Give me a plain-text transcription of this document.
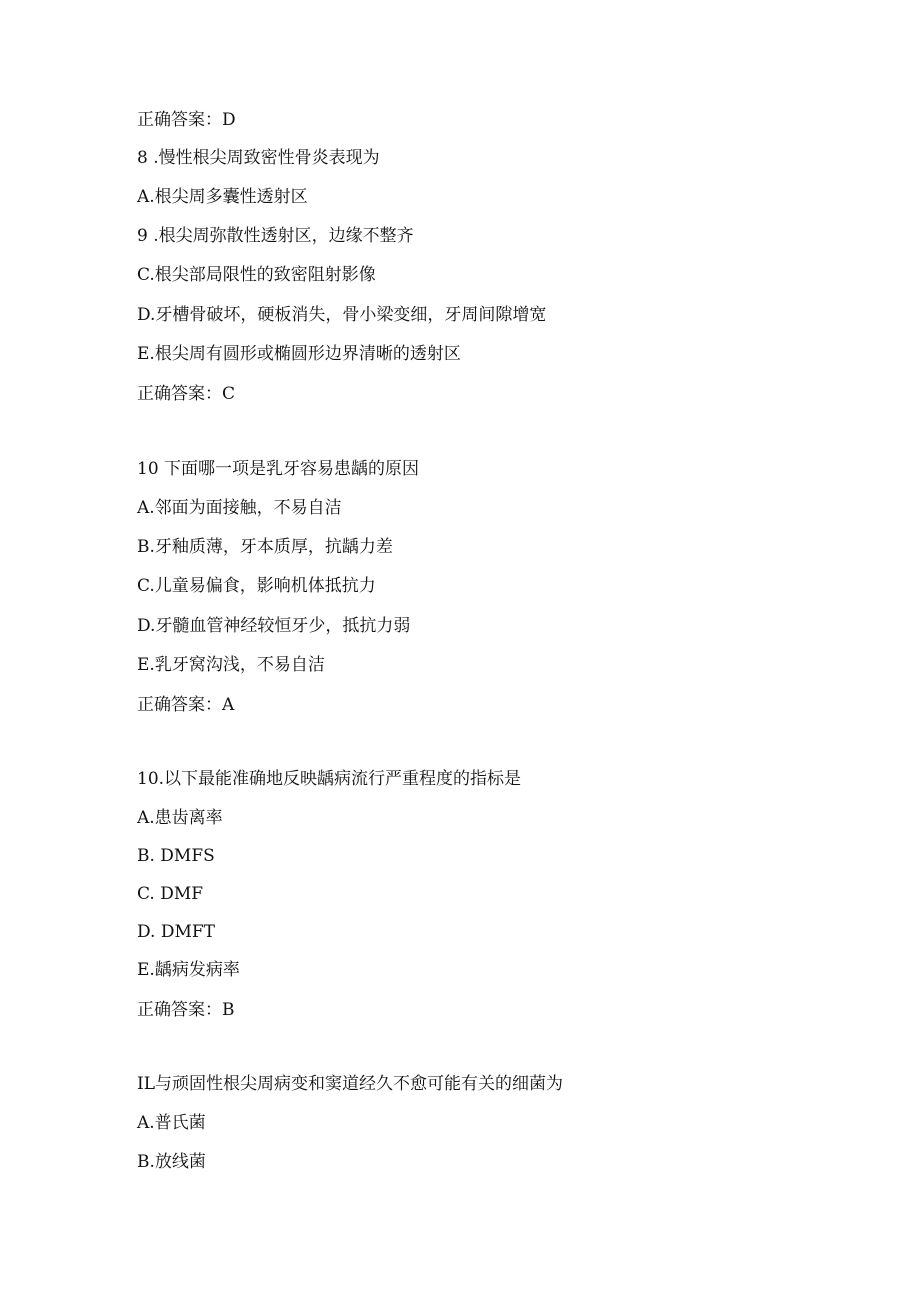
正确答案：D
8 .慢性根尖周致密性骨炎表现为
A.根尖周多囊性透射区
9 .根尖周弥散性透射区，边缘不整齐
C.根尖部局限性的致密阻射影像
D.牙槽骨破坏，硬板消失，骨小梁变细，牙周间隙增宽
E.根尖周有圆形或椭圆形边界清晰的透射区
正确答案：C
10 下面哪一项是乳牙容易患龋的原因
A.邻面为面接触，不易自洁
B.牙釉质薄，牙本质厚，抗龋力差
C.儿童易偏食，影响机体抵抗力
D.牙髓血管神经较恒牙少，抵抗力弱
E.乳牙窝沟浅，不易自洁
正确答案：A
10.以下最能准确地反映龋病流行严重程度的指标是
A.患齿离率
B. DMFS
C. DMF
D. DMFT
E.龋病发病率
正确答案：B
IL与顽固性根尖周病变和窦道经久不愈可能有关的细菌为
A.普氏菌
B.放线菌
